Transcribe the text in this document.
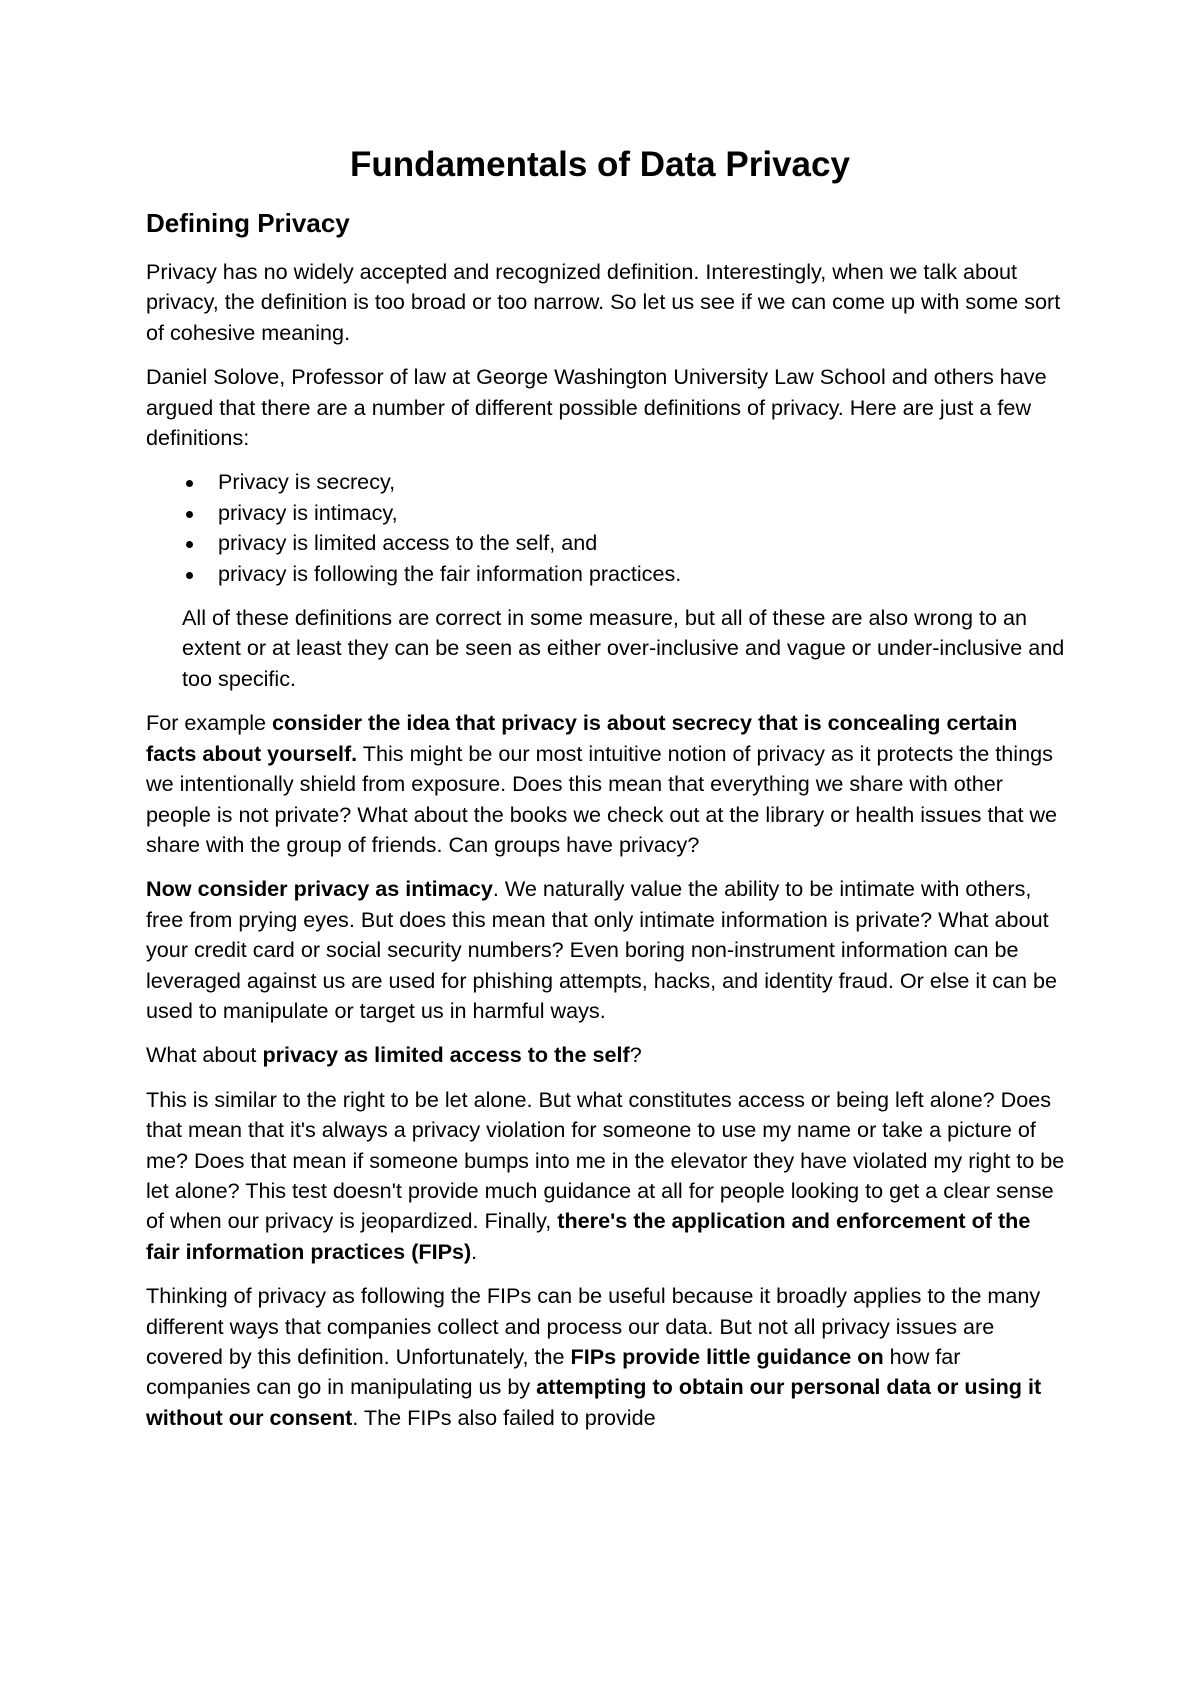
Fundamentals of Data Privacy
Defining Privacy

Privacy has no widely accepted and recognized definition. Interestingly, when we talk about privacy, the definition is too broad or too narrow. So let us see if we can come up with some sort of cohesive meaning.

Daniel Solove, Professor of law at George Washington University Law School and others have argued that there are a number of different possible definitions of privacy. Here are just a few definitions:

Privacy is secrecy,
privacy is intimacy,
privacy is limited access to the self, and
privacy is following the fair information practices.

All of these definitions are correct in some measure, but all of these are also wrong to an extent or at least they can be seen as either over-inclusive and vague or under-inclusive and too specific.

For example consider the idea that privacy is about secrecy that is concealing certain facts about yourself. This might be our most intuitive notion of privacy as it protects the things we intentionally shield from exposure. Does this mean that everything we share with other people is not private? What about the books we check out at the library or health issues that we share with the group of friends. Can groups have privacy?

Now consider privacy as intimacy. We naturally value the ability to be intimate with others, free from prying eyes. But does this mean that only intimate information is private? What about your credit card or social security numbers? Even boring non-instrument information can be leveraged against us are used for phishing attempts, hacks, and identity fraud. Or else it can be used to manipulate or target us in harmful ways.

What about privacy as limited access to the self?

This is similar to the right to be let alone. But what constitutes access or being left alone? Does that mean that it's always a privacy violation for someone to use my name or take a picture of me? Does that mean if someone bumps into me in the elevator they have violated my right to be let alone? This test doesn't provide much guidance at all for people looking to get a clear sense of when our privacy is jeopardized. Finally, there's the application and enforcement of the fair information practices (FIPs).

Thinking of privacy as following the FIPs can be useful because it broadly applies to the many different ways that companies collect and process our data. But not all privacy issues are covered by this definition. Unfortunately, the FIPs provide little guidance on how far companies can go in manipulating us by attempting to obtain our personal data or using it without our consent. The FIPs also failed to provide
